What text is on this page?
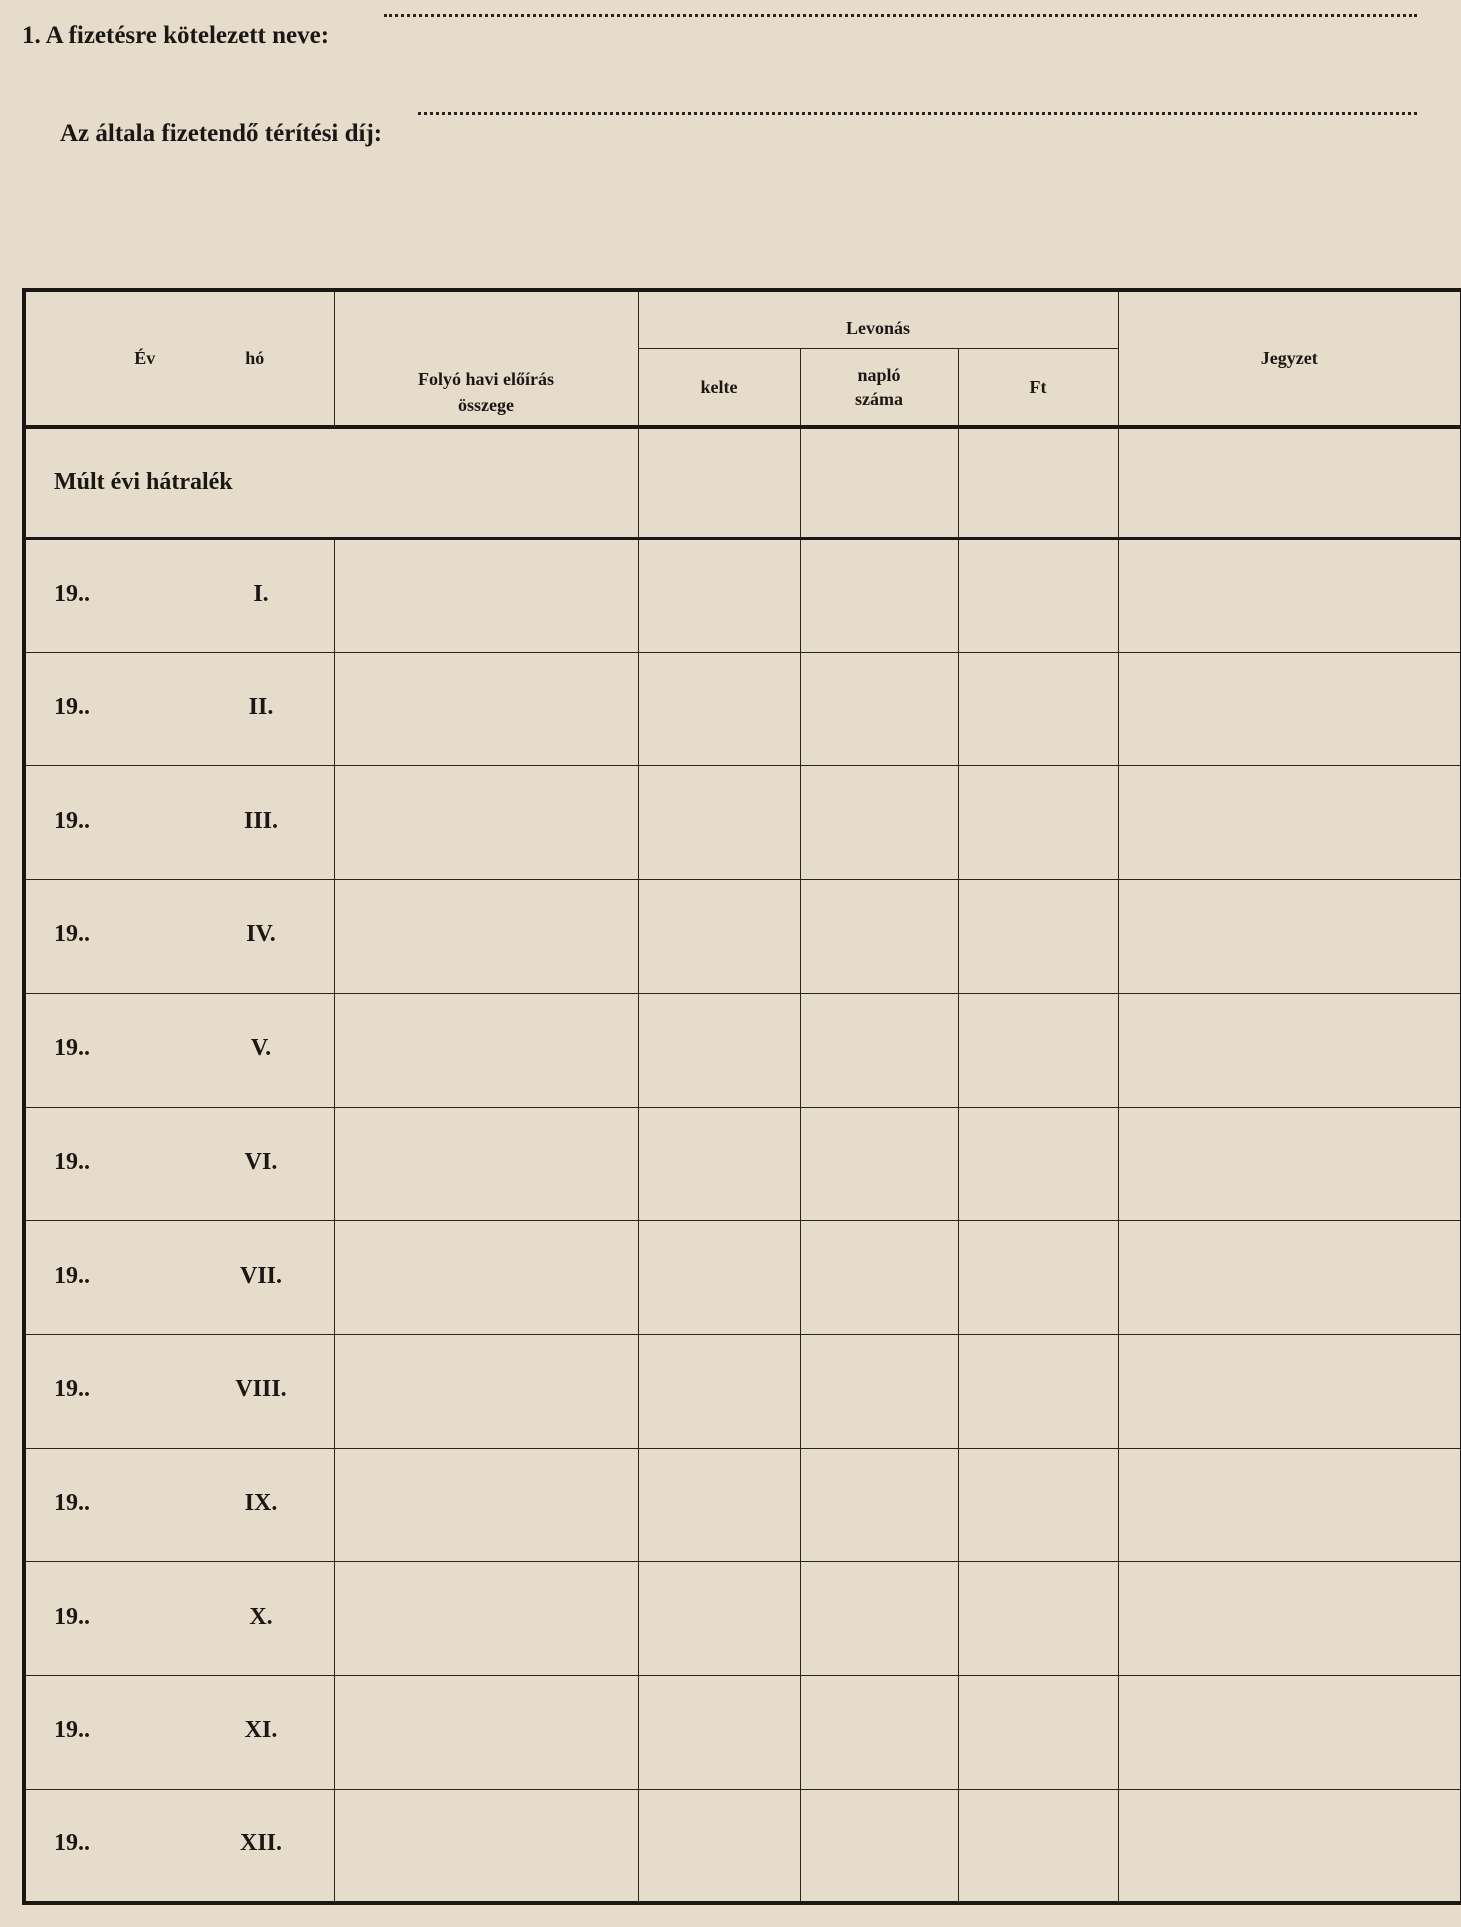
1. A fizetésre kötelezett neve:
Az általa fizetendő térítési díj:
Év hó	Folyó havi előírás összege	Levonás			Jegyzet
		kelte	napló száma	Ft	
Múlt évi hátralék					

19.. I.					

19.. II.					

19.. III.					

19.. IV.					

19.. V.					

19.. VI.					

19.. VII.					

19.. VIII.					

19.. IX.					

19.. X.					

19.. XI.					

19.. XII.					
